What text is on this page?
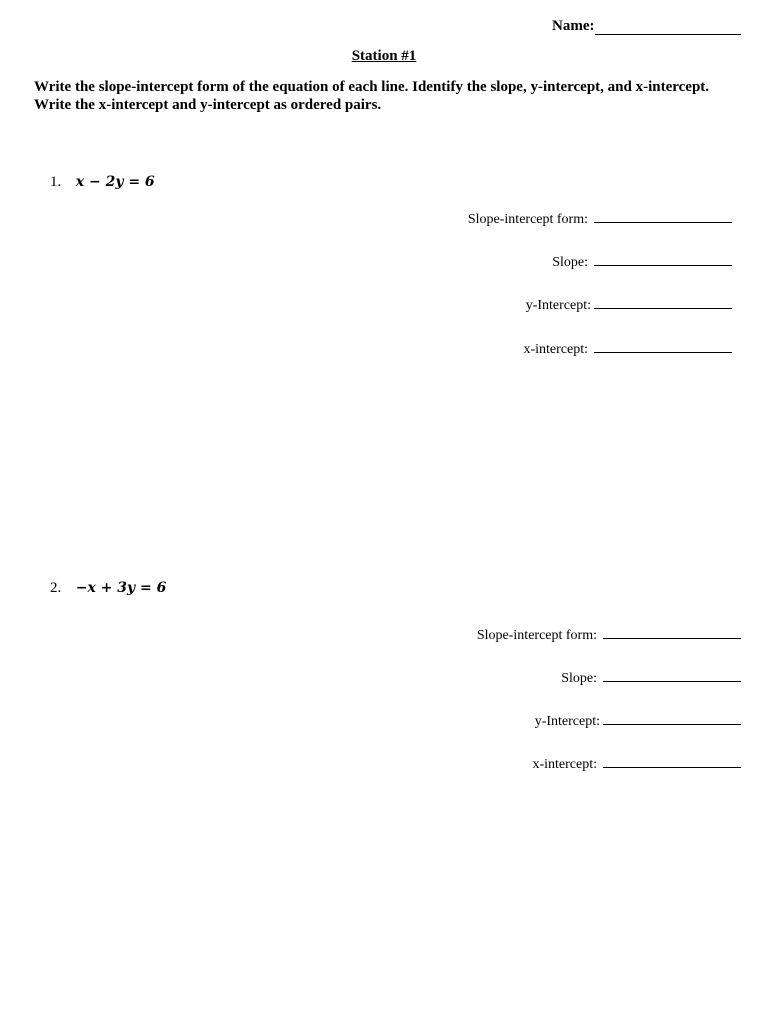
Name:
Station #1
Write the slope-intercept form of the equation of each line. Identify the slope, y-intercept, and x-intercept.
Write the x-intercept and y-intercept as ordered pairs.
1. x − 2y = 6
Slope-intercept form:
Slope:
y-Intercept:
x-intercept:
2. −x + 3y = 6
Slope-intercept form:
Slope:
y-Intercept:
x-intercept:
